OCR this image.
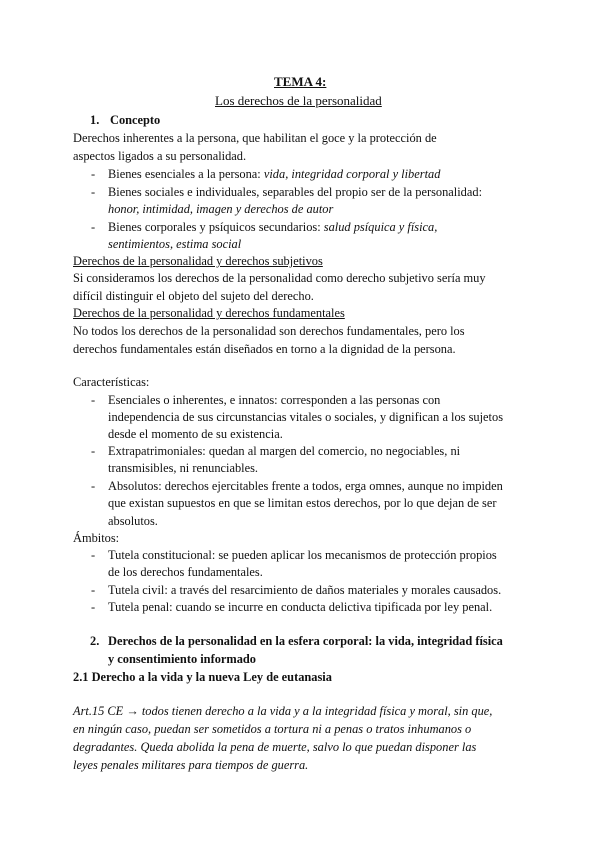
TEMA 4:
Los derechos de la personalidad
1. Concepto
Derechos inherentes a la persona, que habilitan el goce y la protección de
aspectos ligados a su personalidad.
- Bienes esenciales a la persona: vida, integridad corporal y libertad
- Bienes sociales e individuales, separables del propio ser de la personalidad:
honor, intimidad, imagen y derechos de autor
- Bienes corporales y psíquicos secundarios: salud psíquica y física,
sentimientos, estima social
Derechos de la personalidad y derechos subjetivos
Si consideramos los derechos de la personalidad como derecho subjetivo sería muy
difícil distinguir el objeto del sujeto del derecho.
Derechos de la personalidad y derechos fundamentales
No todos los derechos de la personalidad son derechos fundamentales, pero los
derechos fundamentales están diseñados en torno a la dignidad de la persona.
Características:
- Esenciales o inherentes, e innatos: corresponden a las personas con
independencia de sus circunstancias vitales o sociales, y dignifican a los sujetos
desde el momento de su existencia.
- Extrapatrimoniales: quedan al margen del comercio, no negociables, ni
transmisibles, ni renunciables.
- Absolutos: derechos ejercitables frente a todos, erga omnes, aunque no impiden
que existan supuestos en que se limitan estos derechos, por lo que dejan de ser
absolutos.
Ámbitos:
- Tutela constitucional: se pueden aplicar los mecanismos de protección propios
de los derechos fundamentales.
- Tutela civil: a través del resarcimiento de daños materiales y morales causados.
- Tutela penal: cuando se incurre en conducta delictiva tipificada por ley penal.
2. Derechos de la personalidad en la esfera corporal: la vida, integridad física
y consentimiento informado
2.1 Derecho a la vida y la nueva Ley de eutanasia
Art.15 CE → todos tienen derecho a la vida y a la integridad física y moral, sin que,
en ningún caso, puedan ser sometidos a tortura ni a penas o tratos inhumanos o
degradantes. Queda abolida la pena de muerte, salvo lo que puedan disponer las
leyes penales militares para tiempos de guerra.
